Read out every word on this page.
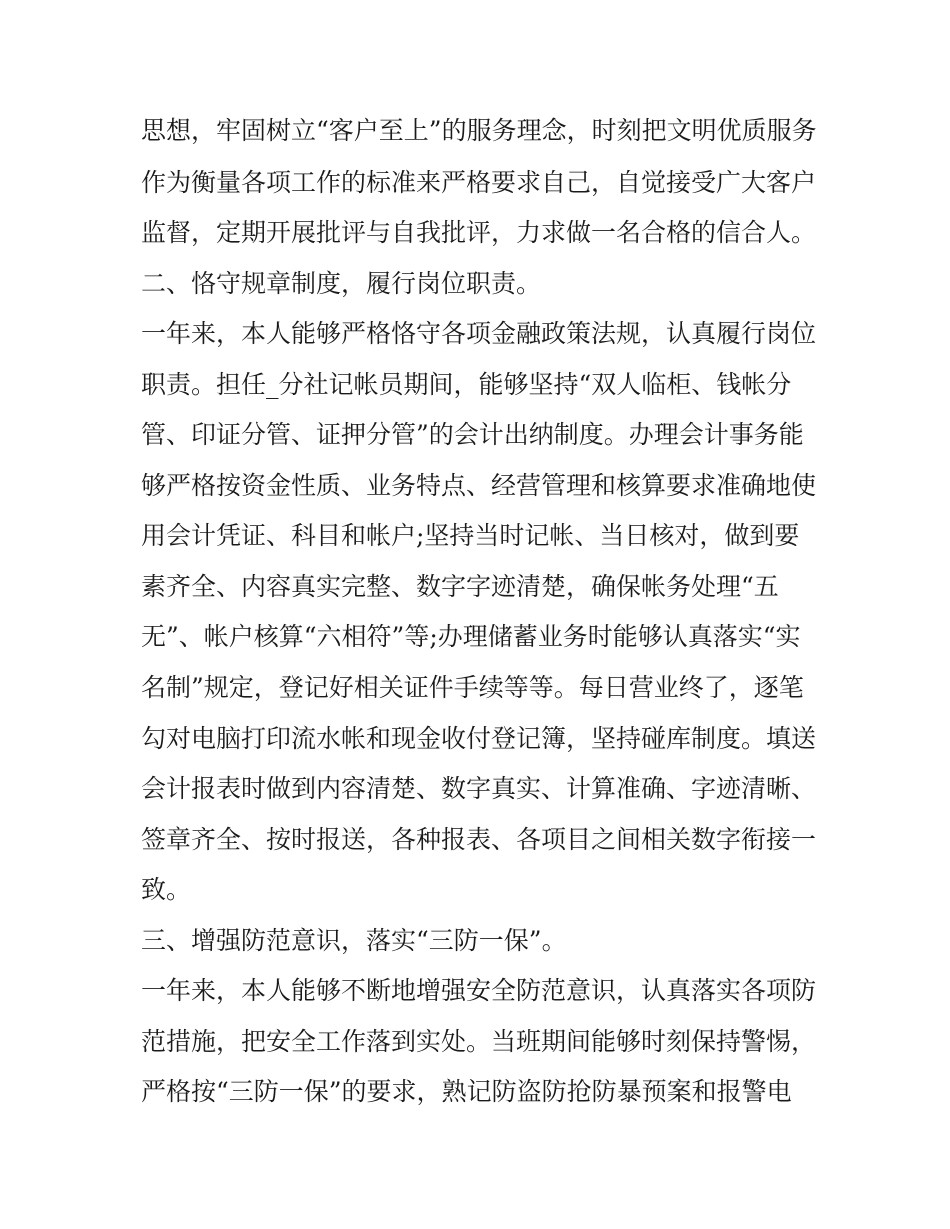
思想，牢固树立“客户至上”的服务理念，时刻把文明优质服务
作为衡量各项工作的标准来严格要求自己，自觉接受广大客户
监督，定期开展批评与自我批评，力求做一名合格的信合人。
二、恪守规章制度，履行岗位职责。
一年来，本人能够严格恪守各项金融政策法规，认真履行岗位
职责。担任_分社记帐员期间，能够坚持“双人临柜、钱帐分
管、印证分管、证押分管”的会计出纳制度。办理会计事务能
够严格按资金性质、业务特点、经营管理和核算要求准确地使
用会计凭证、科目和帐户;坚持当时记帐、当日核对，做到要
素齐全、内容真实完整、数字字迹清楚，确保帐务处理“五
无”、帐户核算“六相符”等;办理储蓄业务时能够认真落实“实
名制”规定，登记好相关证件手续等等。每日营业终了，逐笔
勾对电脑打印流水帐和现金收付登记簿，坚持碰库制度。填送
会计报表时做到内容清楚、数字真实、计算准确、字迹清晰、
签章齐全、按时报送，各种报表、各项目之间相关数字衔接一
致。
三、增强防范意识，落实“三防一保”。
一年来，本人能够不断地增强安全防范意识，认真落实各项防
范措施，把安全工作落到实处。当班期间能够时刻保持警惕，
严格按“三防一保”的要求，熟记防盗防抢防暴预案和报警电
